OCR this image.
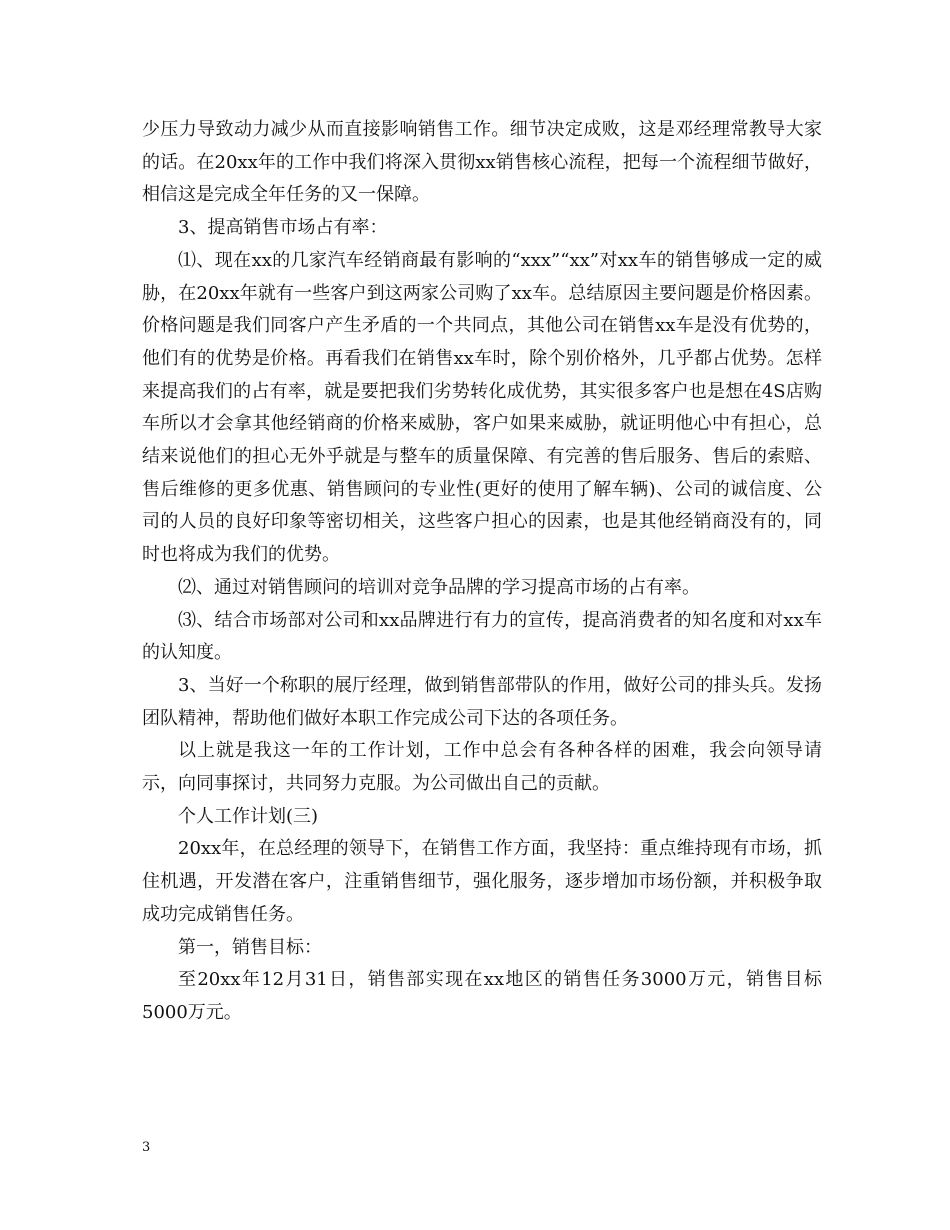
少压力导致动力减少从而直接影响销售工作。细节决定成败，这是邓经理常教导大家的话。在20xx年的工作中我们将深入贯彻xx销售核心流程，把每一个流程细节做好，相信这是完成全年任务的又一保障。

3、提高销售市场占有率：

⑴、现在xx的几家汽车经销商最有影响的“xxx”“xx”对xx车的销售够成一定的威胁，在20xx年就有一些客户到这两家公司购了xx车。总结原因主要问题是价格因素。价格问题是我们同客户产生矛盾的一个共同点，其他公司在销售xx车是没有优势的，他们有的优势是价格。再看我们在销售xx车时，除个别价格外，几乎都占优势。怎样来提高我们的占有率，就是要把我们劣势转化成优势，其实很多客户也是想在4S店购车所以才会拿其他经销商的价格来威胁，客户如果来威胁，就证明他心中有担心，总结来说他们的担心无外乎就是与整车的质量保障、有完善的售后服务、售后的索赔、售后维修的更多优惠、销售顾问的专业性(更好的使用了解车辆)、公司的诚信度、公司的人员的良好印象等密切相关，这些客户担心的因素，也是其他经销商没有的，同时也将成为我们的优势。

⑵、通过对销售顾问的培训对竞争品牌的学习提高市场的占有率。

⑶、结合市场部对公司和xx品牌进行有力的宣传，提高消费者的知名度和对xx车的认知度。

3、当好一个称职的展厅经理，做到销售部带队的作用，做好公司的排头兵。发扬团队精神，帮助他们做好本职工作完成公司下达的各项任务。

以上就是我这一年的工作计划，工作中总会有各种各样的困难，我会向领导请示，向同事探讨，共同努力克服。为公司做出自己的贡献。

个人工作计划(三)

20xx年，在总经理的领导下，在销售工作方面，我坚持：重点维持现有市场，抓住机遇，开发潜在客户，注重销售细节，强化服务，逐步增加市场份额，并积极争取成功完成销售任务。

第一，销售目标：

至20xx年12月31日，销售部实现在xx地区的销售任务3000万元，销售目标5000万元。

3
